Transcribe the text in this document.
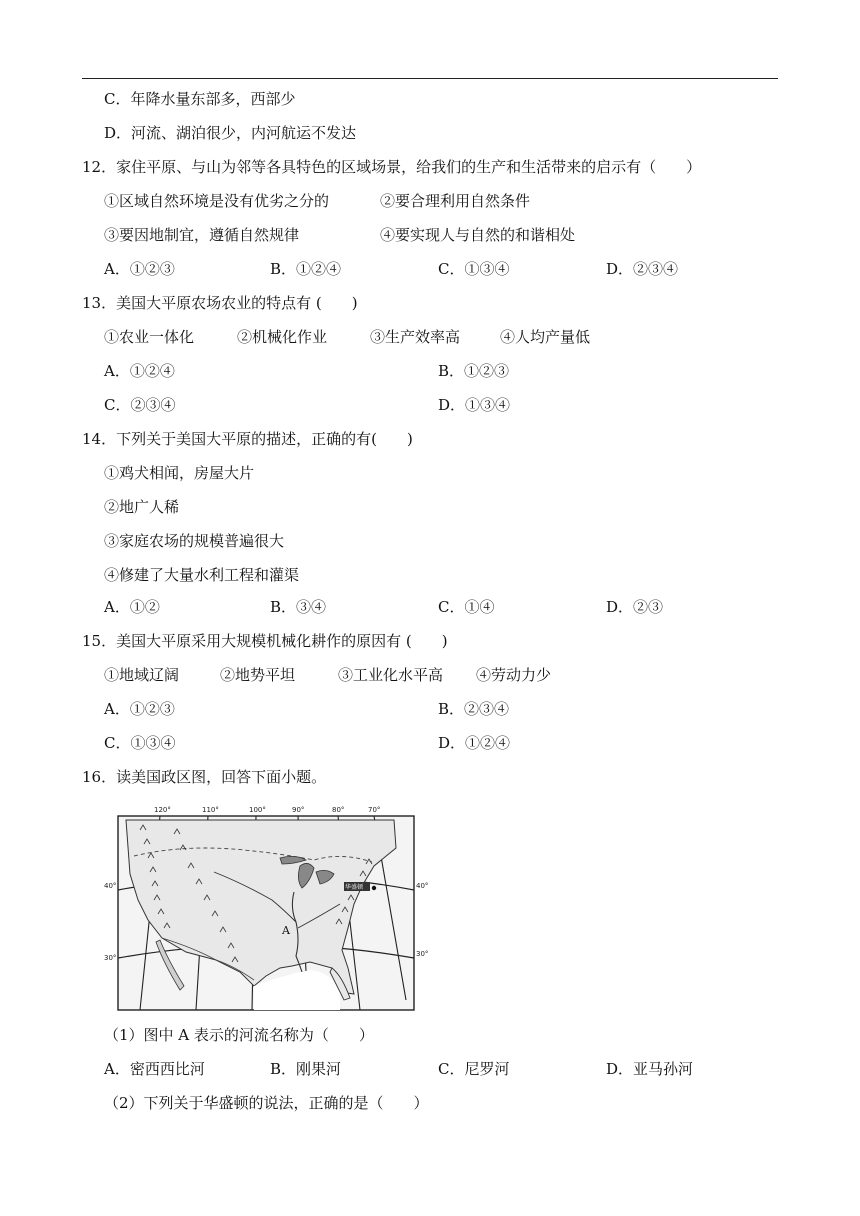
C．年降水量东部多，西部少
D．河流、湖泊很少，内河航运不发达
12．家住平原、与山为邻等各具特色的区域场景，给我们的生产和生活带来的启示有（　　）
①区域自然环境是没有优劣之分的	②要合理利用自然条件
③要因地制宜，遵循自然规律	④要实现人与自然的和谐相处
A．①②③	B．①②④	C．①③④	D．②③④
13．美国大平原农场农业的特点有 (　　)
①农业一体化	②机械化作业	③生产效率高	④人均产量低
A．①②④	B．①②③
C．②③④	D．①③④
14．下列关于美国大平原的描述，正确的有(　　)
①鸡犬相闻，房屋大片
②地广人稀
③家庭农场的规模普遍很大
④修建了大量水利工程和灌渠
A．①②	B．③④	C．①④	D．②③
15．美国大平原采用大规模机械化耕作的原因有 (　　)
①地域辽阔	②地势平坦	③工业化水平高 ④劳动力少
A．①②③	B．②③④
C．①③④	D．①②④
16．读美国政区图，回答下面小题。
120°	110°	100°	90°	80°	70°
40°
30°
40°
30°
A
华盛顿
（1）图中 A 表示的河流名称为（　　）
A．密西西比河	B．刚果河	C．尼罗河	D．亚马孙河
（2）下列关于华盛顿的说法，正确的是（　　）
